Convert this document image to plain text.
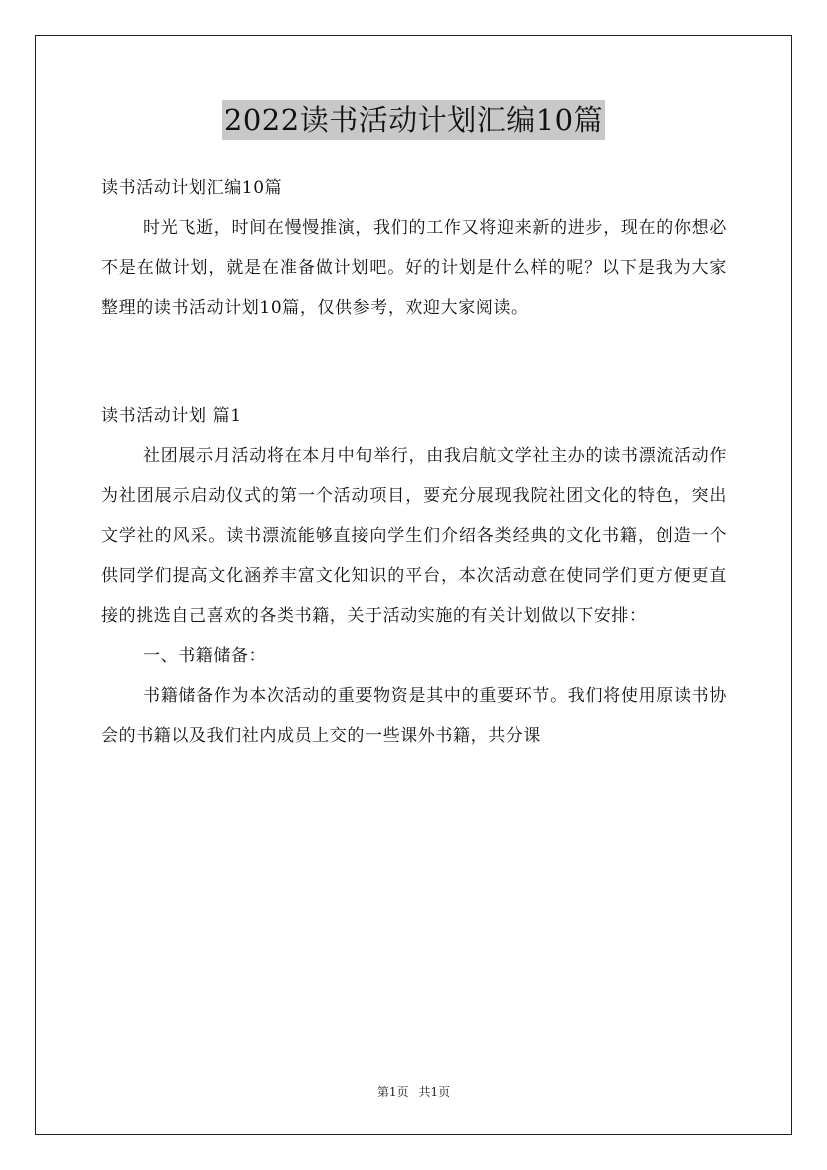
2022读书活动计划汇编10篇

读书活动计划汇编10篇

时光飞逝，时间在慢慢推演，我们的工作又将迎来新的进步，现在的你想必不是在做计划，就是在准备做计划吧。好的计划是什么样的呢？以下是我为大家整理的读书活动计划10篇，仅供参考，欢迎大家阅读。

读书活动计划 篇1

社团展示月活动将在本月中旬举行，由我启航文学社主办的读书漂流活动作为社团展示启动仪式的第一个活动项目，要充分展现我院社团文化的特色，突出文学社的风采。读书漂流能够直接向学生们介绍各类经典的文化书籍，创造一个供同学们提高文化涵养丰富文化知识的平台，本次活动意在使同学们更方便更直接的挑选自己喜欢的各类书籍，关于活动实施的有关计划做以下安排：

一、书籍储备：

书籍储备作为本次活动的重要物资是其中的重要环节。我们将使用原读书协会的书籍以及我们社内成员上交的一些课外书籍，共分课

第1页 共1页
